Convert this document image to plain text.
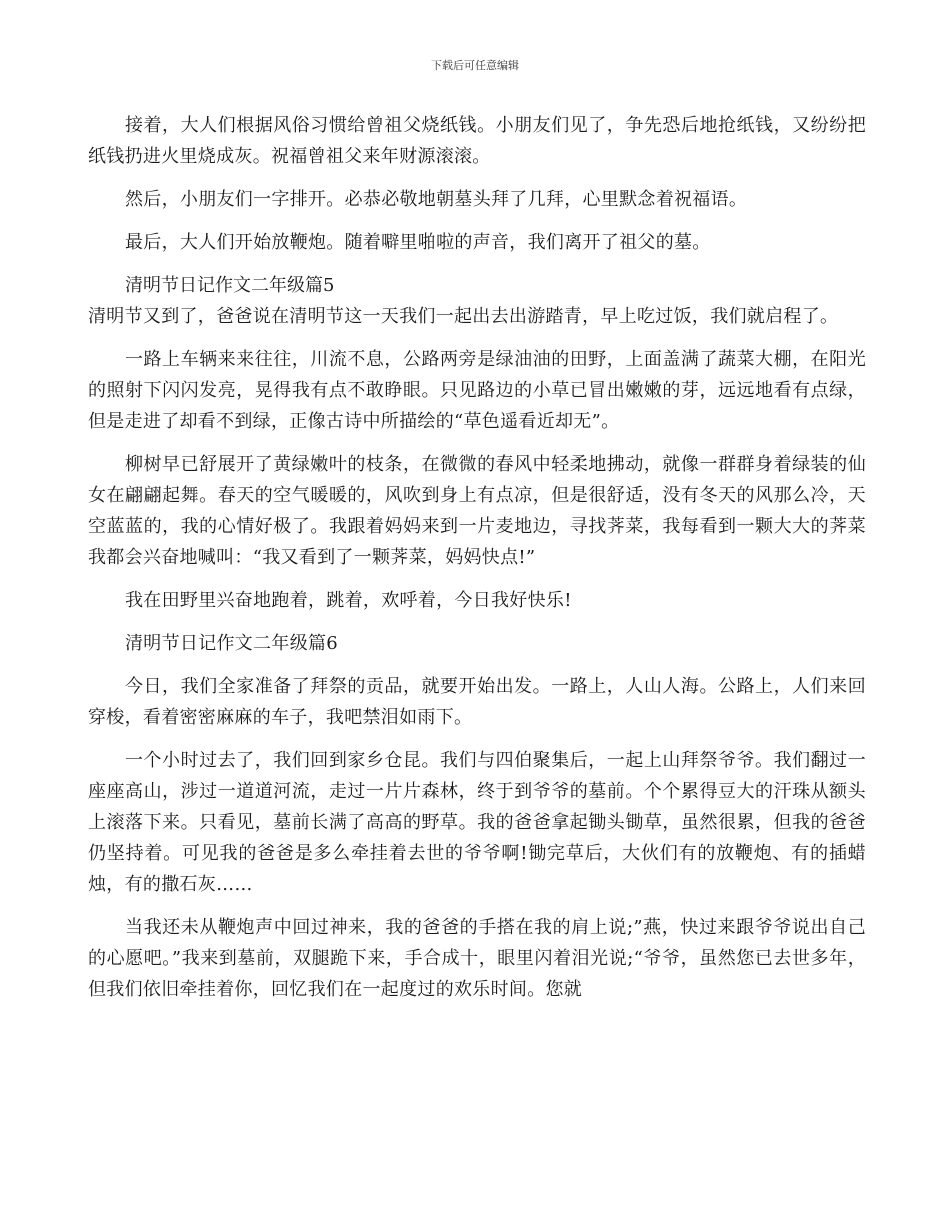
下载后可任意编辑

接着，大人们根据风俗习惯给曾祖父烧纸钱。小朋友们见了，争先恐后地抢纸钱，又纷纷把纸钱扔进火里烧成灰。祝福曾祖父来年财源滚滚。

然后，小朋友们一字排开。必恭必敬地朝墓头拜了几拜，心里默念着祝福语。

最后，大人们开始放鞭炮。随着噼里啪啦的声音，我们离开了祖父的墓。

清明节日记作文二年级篇5

清明节又到了，爸爸说在清明节这一天我们一起出去出游踏青，早上吃过饭，我们就启程了。

一路上车辆来来往往，川流不息，公路两旁是绿油油的田野，上面盖满了蔬菜大棚，在阳光的照射下闪闪发亮，晃得我有点不敢睁眼。只见路边的小草已冒出嫩嫩的芽，远远地看有点绿，但是走进了却看不到绿，正像古诗中所描绘的“草色遥看近却无”。

柳树早已舒展开了黄绿嫩叶的枝条，在微微的春风中轻柔地拂动，就像一群群身着绿装的仙女在翩翩起舞。春天的空气暖暖的，风吹到身上有点凉，但是很舒适，没有冬天的风那么冷，天空蓝蓝的，我的心情好极了。我跟着妈妈来到一片麦地边，寻找荠菜，我每看到一颗大大的荠菜我都会兴奋地喊叫：“我又看到了一颗荠菜，妈妈快点!”

我在田野里兴奋地跑着，跳着，欢呼着，今日我好快乐!

清明节日记作文二年级篇6

今日，我们全家准备了拜祭的贡品，就要开始出发。一路上，人山人海。公路上，人们来回穿梭，看着密密麻麻的车子，我吧禁泪如雨下。

一个小时过去了，我们回到家乡仓昆。我们与四伯聚集后，一起上山拜祭爷爷。我们翻过一座座高山，涉过一道道河流，走过一片片森林，终于到爷爷的墓前。个个累得豆大的汗珠从额头上滚落下来。只看见，墓前长满了高高的野草。我的爸爸拿起锄头锄草，虽然很累，但我的爸爸仍坚持着。可见我的爸爸是多么牵挂着去世的爷爷啊!锄完草后，大伙们有的放鞭炮、有的插蜡烛，有的撒石灰……

当我还未从鞭炮声中回过神来，我的爸爸的手搭在我的肩上说;”燕，快过来跟爷爷说出自己的心愿吧。”我来到墓前，双腿跪下来，手合成十，眼里闪着泪光说;“爷爷，虽然您已去世多年，但我们依旧牵挂着你，回忆我们在一起度过的欢乐时间。您就
